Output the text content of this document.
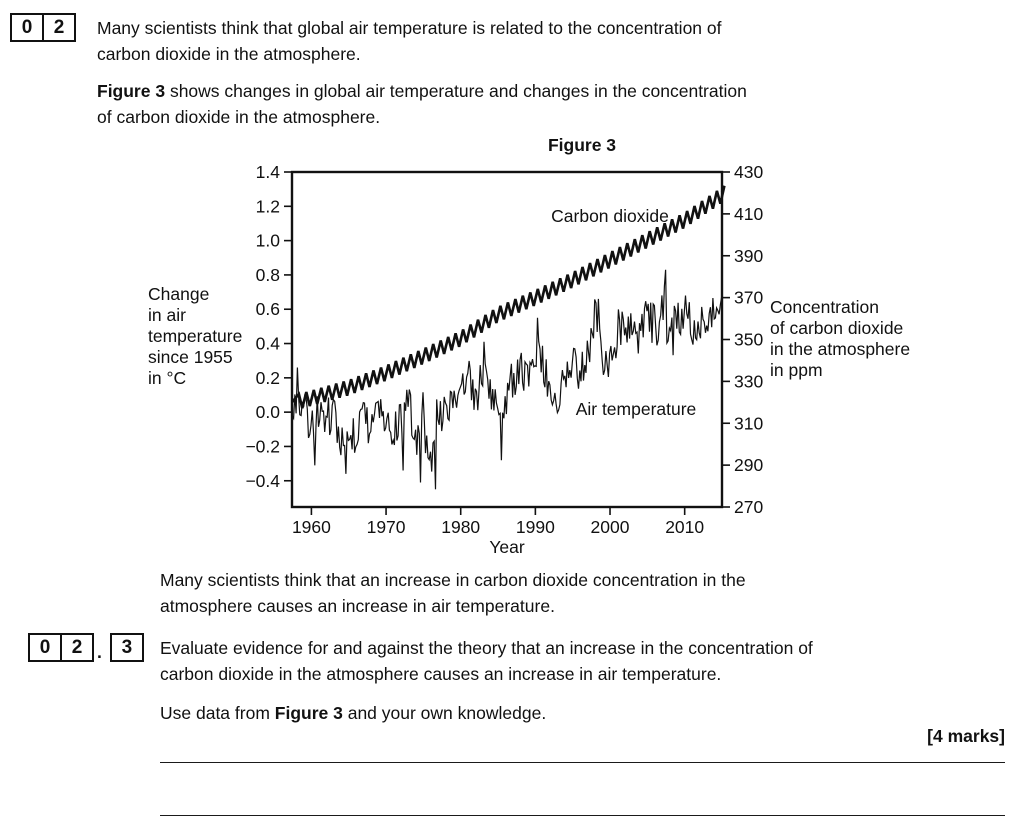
0	2	Many scientists think that global air temperature is related to the concentration of
carbon dioxide in the atmosphere.
Figure 3 shows changes in global air temperature and changes in the concentration
of carbon dioxide in the atmosphere.
Figure 3
1.4
1.2
1.0
0.8
0.6
0.4
0.2
0.0
−0.2
−0.4
430
410
390
370
350
330
310
290
270
1960 1970 1980 1990 2000 2010
Year
Carbon dioxide
Air temperature
Change
in air
temperature
since 1955
in °C
Concentration
of carbon dioxide
in the atmosphere
in ppm
Many scientists think that an increase in carbon dioxide concentration in the
atmosphere causes an increase in air temperature.
0	2 .	3	Evaluate evidence for and against the theory that an increase in the concentration of
carbon dioxide in the atmosphere causes an increase in air temperature.
Use data from Figure 3 and your own knowledge.
[4 marks]
